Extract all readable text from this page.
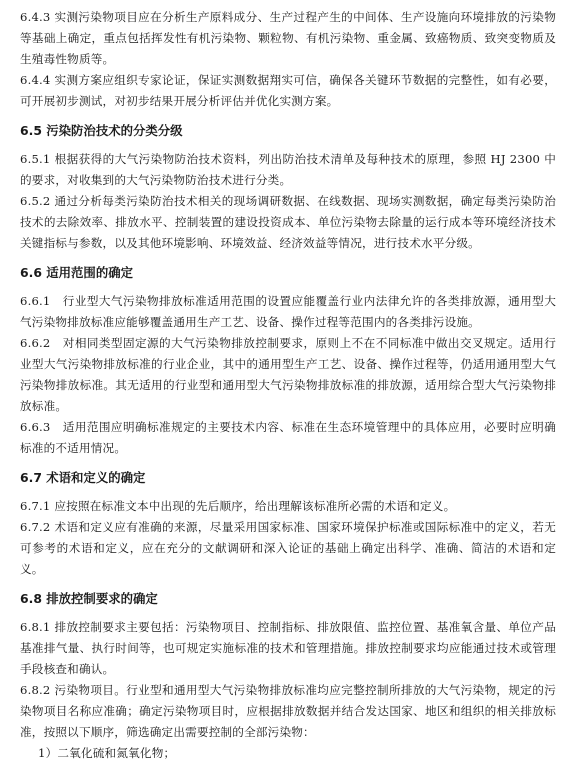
6.4.3 实测污染物项目应在分析生产原料成分、生产过程产生的中间体、生产设施向环境排放的污染物等基础上确定，重点包括挥发性有机污染物、颗粒物、有机污染物、重金属、致癌物质、致突变物质及生殖毒性物质等。

6.4.4 实测方案应组织专家论证，保证实测数据翔实可信，确保各关键环节数据的完整性，如有必要，可开展初步测试，对初步结果开展分析评估并优化实测方案。

6.5 污染防治技术的分类分级

6.5.1 根据获得的大气污染物防治技术资料，列出防治技术清单及每种技术的原理，参照 HJ 2300 中的要求，对收集到的大气污染物防治技术进行分类。

6.5.2 通过分析每类污染防治技术相关的现场调研数据、在线数据、现场实测数据，确定每类污染防治技术的去除效率、排放水平、控制装置的建设投资成本、单位污染物去除量的运行成本等环境经济技术关键指标与参数，以及其他环境影响、环境效益、经济效益等情况，进行技术水平分级。

6.6 适用范围的确定

6.6.1　行业型大气污染物排放标准适用范围的设置应能覆盖行业内法律允许的各类排放源，通用型大气污染物排放标准应能够覆盖通用生产工艺、设备、操作过程等范围内的各类排污设施。

6.6.2　对相同类型固定源的大气污染物排放控制要求，原则上不在不同标准中做出交叉规定。适用行业型大气污染物排放标准的行业企业，其中的通用型生产工艺、设备、操作过程等，仍适用通用型大气污染物排放标准。其无适用的行业型和通用型大气污染物排放标准的排放源，适用综合型大气污染物排放标准。

6.6.3　适用范围应明确标准规定的主要技术内容、标准在生态环境管理中的具体应用，必要时应明确标准的不适用情况。

6.7 术语和定义的确定

6.7.1 应按照在标准文本中出现的先后顺序，给出理解该标准所必需的术语和定义。

6.7.2 术语和定义应有准确的来源，尽量采用国家标准、国家环境保护标准或国际标准中的定义，若无可参考的术语和定义，应在充分的文献调研和深入论证的基础上确定出科学、准确、简洁的术语和定义。

6.8 排放控制要求的确定

6.8.1 排放控制要求主要包括：污染物项目、控制指标、排放限值、监控位置、基准氧含量、单位产品基准排气量、执行时间等，也可规定实施标准的技术和管理措施。排放控制要求均应能通过技术或管理手段核查和确认。

6.8.2 污染物项目。行业型和通用型大气污染物排放标准均应完整控制所排放的大气污染物，规定的污染物项目名称应准确；确定污染物项目时，应根据排放数据并结合发达国家、地区和组织的相关排放标准，按照以下顺序，筛选确定出需要控制的全部污染物：

1）二氧化硫和氮氧化物；
